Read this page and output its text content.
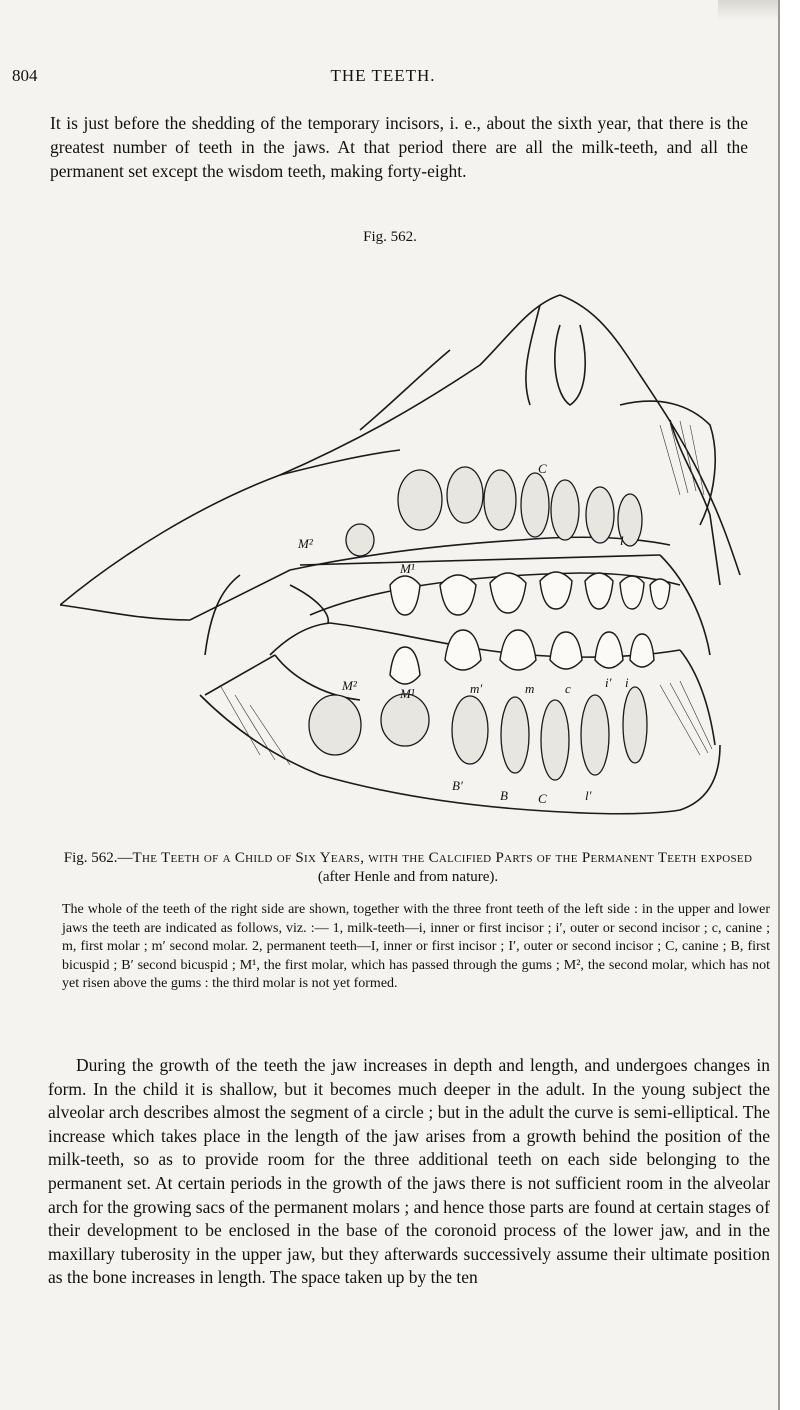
804	THE TEETH.

It is just before the shedding of the temporary incisors, i. e., about the sixth year, that there is the greatest number of teeth in the jaws. At that period there are all the milk-teeth, and all the permanent set except the wisdom teeth, making forty-eight.

Fig. 562.
M²
M¹
C
l
M²
M¹	m′	m c	i′ i
B′
B C	l′
Fig. 562.—The Teeth of a Child of Six Years, with the Calcified Parts of the Permanent Teeth exposed (after Henle and from nature).

The whole of the teeth of the right side are shown, together with the three front teeth of the left side : in the upper and lower jaws the teeth are indicated as follows, viz. :— 1, milk-teeth—i, inner or first incisor ; i′, outer or second incisor ; c, canine ; m, first molar ; m′ second molar. 2, permanent teeth—I, inner or first incisor ; I′, outer or second incisor ; C, canine ; B, first bicuspid ; B′ second bicuspid ; M¹, the first molar, which has passed through the gums ; M², the second molar, which has not yet risen above the gums : the third molar is not yet formed.

During the growth of the teeth the jaw increases in depth and length, and undergoes changes in form. In the child it is shallow, but it becomes much deeper in the adult. In the young subject the alveolar arch describes almost the segment of a circle ; but in the adult the curve is semi-elliptical. The increase which takes place in the length of the jaw arises from a growth behind the position of the milk-teeth, so as to provide room for the three additional teeth on each side belonging to the permanent set. At certain periods in the growth of the jaws there is not sufficient room in the alveolar arch for the growing sacs of the permanent molars ; and hence those parts are found at certain stages of their development to be enclosed in the base of the coronoid process of the lower jaw, and in the maxillary tuberosity in the upper jaw, but they afterwards successively assume their ultimate position as the bone increases in length. The space taken up by the ten
